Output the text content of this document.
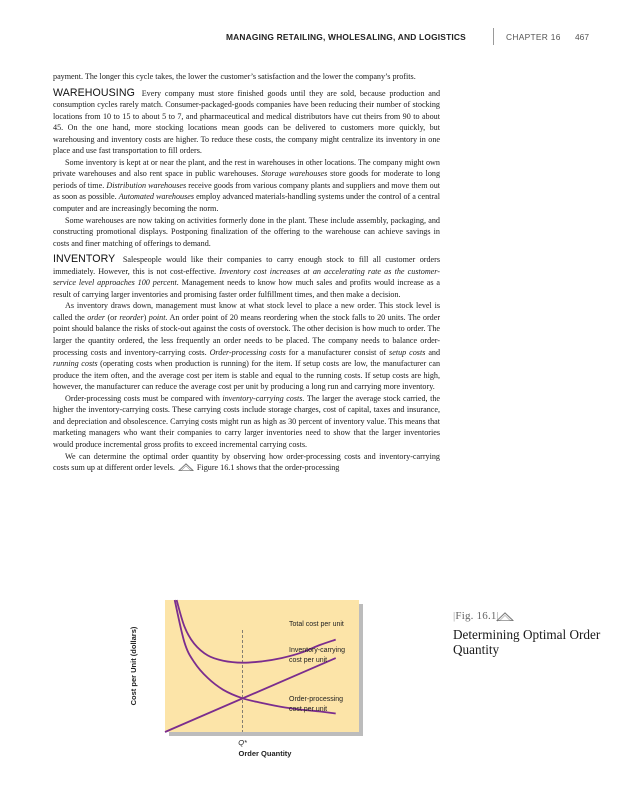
MANAGING RETAILING, WHOLESALING, AND LOGISTICS	CHAPTER 16 467

payment. The longer this cycle takes, the lower the customer’s satisfaction and the lower the company’s profits.

WAREHOUSING Every company must store finished goods until they are sold, because production and consumption cycles rarely match. Consumer-packaged-goods companies have been reducing their number of stocking locations from 10 to 15 to about 5 to 7, and pharmaceutical and medical distributors have cut theirs from 90 to about 45. On the one hand, more stocking locations mean goods can be delivered to customers more quickly, but warehousing and inventory costs are higher. To reduce these costs, the company might centralize its inventory in one place and use fast transportation to fill orders.

Some inventory is kept at or near the plant, and the rest in warehouses in other locations. The company might own private warehouses and also rent space in public warehouses. Storage warehouses store goods for moderate to long periods of time. Distribution warehouses receive goods from various company plants and suppliers and move them out as soon as possible. Automated warehouses employ advanced materials-handling systems under the control of a central computer and are increasingly becoming the norm.

Some warehouses are now taking on activities formerly done in the plant. These include assembly, packaging, and constructing promotional displays. Postponing finalization of the offering to the warehouse can achieve savings in costs and finer matching of offerings to demand.

INVENTORY Salespeople would like their companies to carry enough stock to fill all customer orders immediately. However, this is not cost-effective. Inventory cost increases at an accelerating rate as the customer-service level approaches 100 percent. Management needs to know how much sales and profits would increase as a result of carrying larger inventories and promising faster order fulfillment times, and then make a decision.

As inventory draws down, management must know at what stock level to place a new order. This stock level is called the order (or reorder) point. An order point of 20 means reordering when the stock falls to 20 units. The order point should balance the risks of stock-out against the costs of overstock. The other decision is how much to order. The larger the quantity ordered, the less frequently an order needs to be placed. The company needs to balance order-processing costs and inventory-carrying costs. Order-processing costs for a manufacturer consist of setup costs and running costs (operating costs when production is running) for the item. If setup costs are low, the manufacturer can produce the item often, and the average cost per item is stable and equal to the running costs. If setup costs are high, however, the manufacturer can reduce the average cost per unit by producing a long run and carrying more inventory.

Order-processing costs must be compared with inventory-carrying costs. The larger the average stock carried, the higher the inventory-carrying costs. These carrying costs include storage charges, cost of capital, taxes and insurance, and depreciation and obsolescence. Carrying costs might run as high as 30 percent of inventory value. This means that marketing managers who want their companies to carry larger inventories need to show that the larger inventories would produce incremental gross profits to exceed incremental carrying costs.

We can determine the optimal order quantity by observing how order-processing costs and inventory-carrying costs sum up at different order levels.	Figure 16.1 shows that the order-processing

Total cost per unit
Inventory-carrying
cost per unit
Order-processing
cost per unit
Q*
Order Quantity
Cost per Unit (dollars)
|Fig. 16.1|
Determining Optimal Order Quantity
